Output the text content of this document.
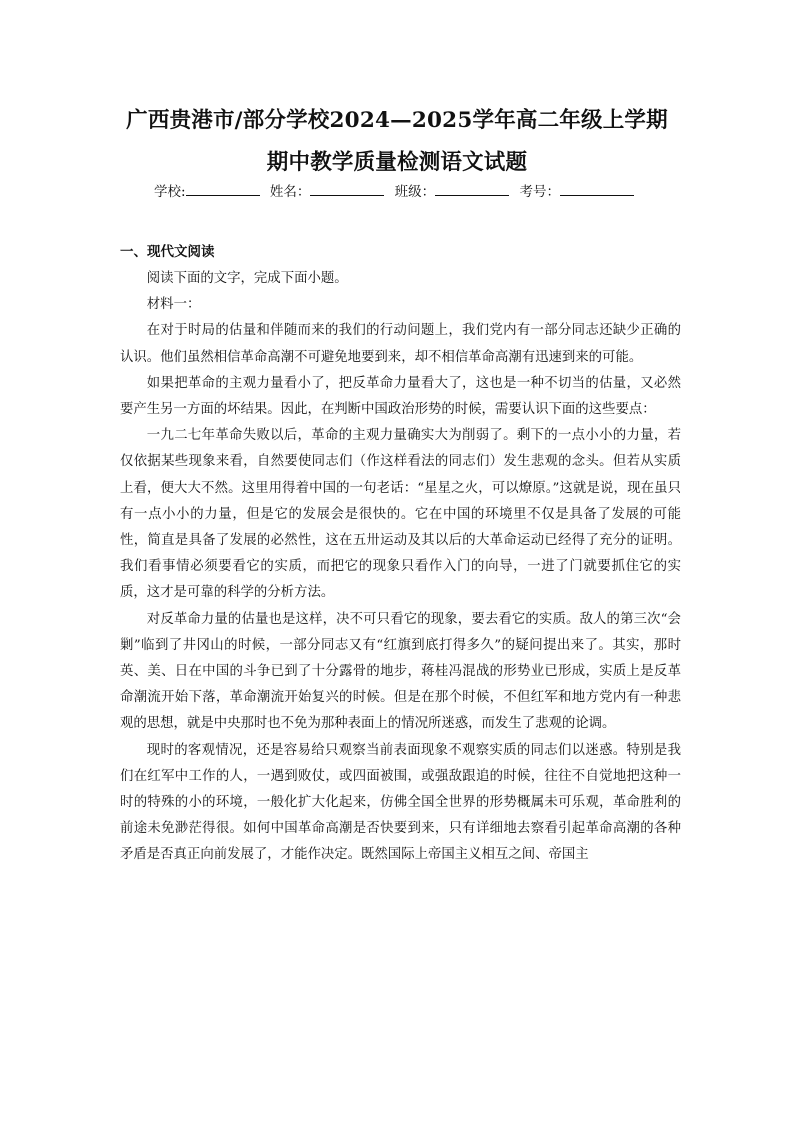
广西贵港市/部分学校2024—2025学年高二年级上学期期中教学质量检测语文试题
学校:	姓名：	班级：	考号：
一、现代文阅读

阅读下面的文字，完成下面小题。

材料一：

在对于时局的估量和伴随而来的我们的行动问题上，我们党内有一部分同志还缺少正确的认识。他们虽然相信革命高潮不可避免地要到来，却不相信革命高潮有迅速到来的可能。

如果把革命的主观力量看小了，把反革命力量看大了，这也是一种不切当的估量，又必然要产生另一方面的坏结果。因此，在判断中国政治形势的时候，需要认识下面的这些要点：

一九二七年革命失败以后，革命的主观力量确实大为削弱了。剩下的一点小小的力量，若仅依据某些现象来看，自然要使同志们（作这样看法的同志们）发生悲观的念头。但若从实质上看，便大大不然。这里用得着中国的一句老话：“星星之火，可以燎原。”这就是说，现在虽只有一点小小的力量，但是它的发展会是很快的。它在中国的环境里不仅是具备了发展的可能性，简直是具备了发展的必然性，这在五卅运动及其以后的大革命运动已经得了充分的证明。我们看事情必须要看它的实质，而把它的现象只看作入门的向导，一进了门就要抓住它的实质，这才是可靠的科学的分析方法。

对反革命力量的估量也是这样，决不可只看它的现象，要去看它的实质。敌人的第三次“会剿”临到了井冈山的时候，一部分同志又有“红旗到底打得多久”的疑问提出来了。其实，那时英、美、日在中国的斗争已到了十分露骨的地步，蒋桂冯混战的形势业已形成，实质上是反革命潮流开始下落，革命潮流开始复兴的时候。但是在那个时候，不但红军和地方党内有一种悲观的思想，就是中央那时也不免为那种表面上的情况所迷惑，而发生了悲观的论调。

现时的客观情况，还是容易给只观察当前表面现象不观察实质的同志们以迷惑。特别是我们在红军中工作的人，一遇到败仗，或四面被围，或强敌跟追的时候，往往不自觉地把这种一时的特殊的小的环境，一般化扩大化起来，仿佛全国全世界的形势概属未可乐观，革命胜利的前途未免渺茫得很。如何中国革命高潮是否快要到来，只有详细地去察看引起革命高潮的各种矛盾是否真正向前发展了，才能作决定。既然国际上帝国主义相互之间、帝国主
